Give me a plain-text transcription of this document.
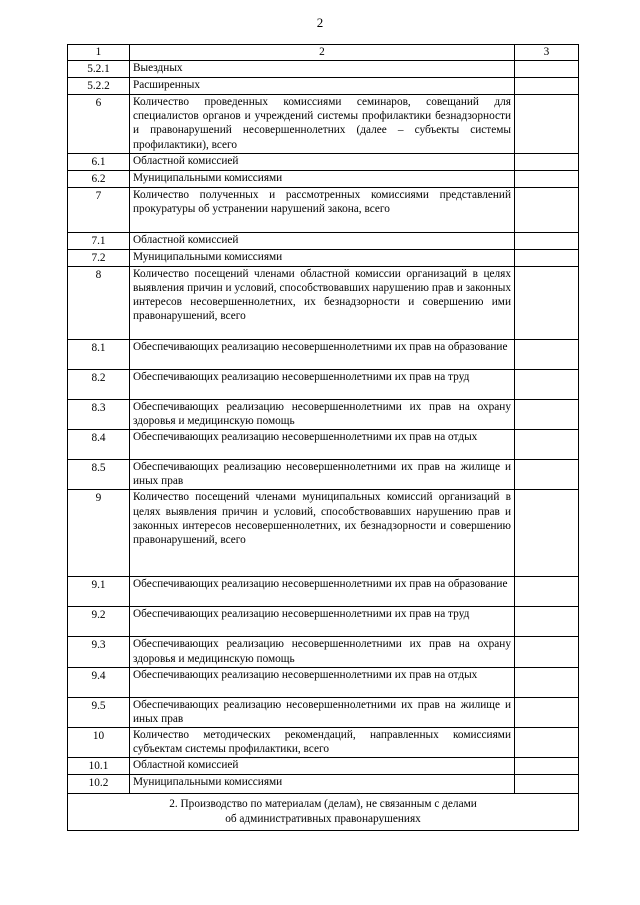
2
1	2	3
5.2.1	Выездных	
5.2.2	Расширенных	
6	Количество проведенных комиссиями семинаров, совещаний для специалистов органов и учреждений системы профилактики безнадзорности и правонарушений несовершеннолетних (далее – субъекты системы профилактики), всего	
6.1	Областной комиссией	
6.2	Муниципальными комиссиями	
7	Количество полученных и рассмотренных комиссиями представлений прокуратуры об устранении нарушений закона, всего	
7.1	Областной комиссией	
7.2	Муниципальными комиссиями	
8	Количество посещений членами областной комиссии организаций в целях выявления причин и условий, способствовавших нарушению прав и законных интересов несовершеннолетних, их безнадзорности и совершению ими правонарушений, всего	
8.1	Обеспечивающих реализацию несовершеннолетними их прав на образование	
8.2	Обеспечивающих реализацию несовершеннолетними их прав на труд	
8.3	Обеспечивающих реализацию несовершеннолетними их прав на охрану здоровья и медицинскую помощь	
8.4	Обеспечивающих реализацию несовершеннолетними их прав на отдых	
8.5	Обеспечивающих реализацию несовершеннолетними их прав на жилище и иных прав	
9	Количество посещений членами муниципальных комиссий организаций в целях выявления причин и условий, способствовавших нарушению прав и законных интересов несовершеннолетних, их безнадзорности и совершению правонарушений, всего	
9.1	Обеспечивающих реализацию несовершеннолетними их прав на образование	
9.2	Обеспечивающих реализацию несовершеннолетними их прав на труд	
9.3	Обеспечивающих реализацию несовершеннолетними их прав на охрану здоровья и медицинскую помощь	
9.4	Обеспечивающих реализацию несовершеннолетними их прав на отдых	
9.5	Обеспечивающих реализацию несовершеннолетними их прав на жилище и иных прав	
10	Количество методических рекомендаций, направленных комиссиями субъектам системы профилактики, всего	
10.1	Областной комиссией	
10.2	Муниципальными комиссиями	

2. Производство по материалам (делам), не связанным с делами
об административных правонарушениях		
